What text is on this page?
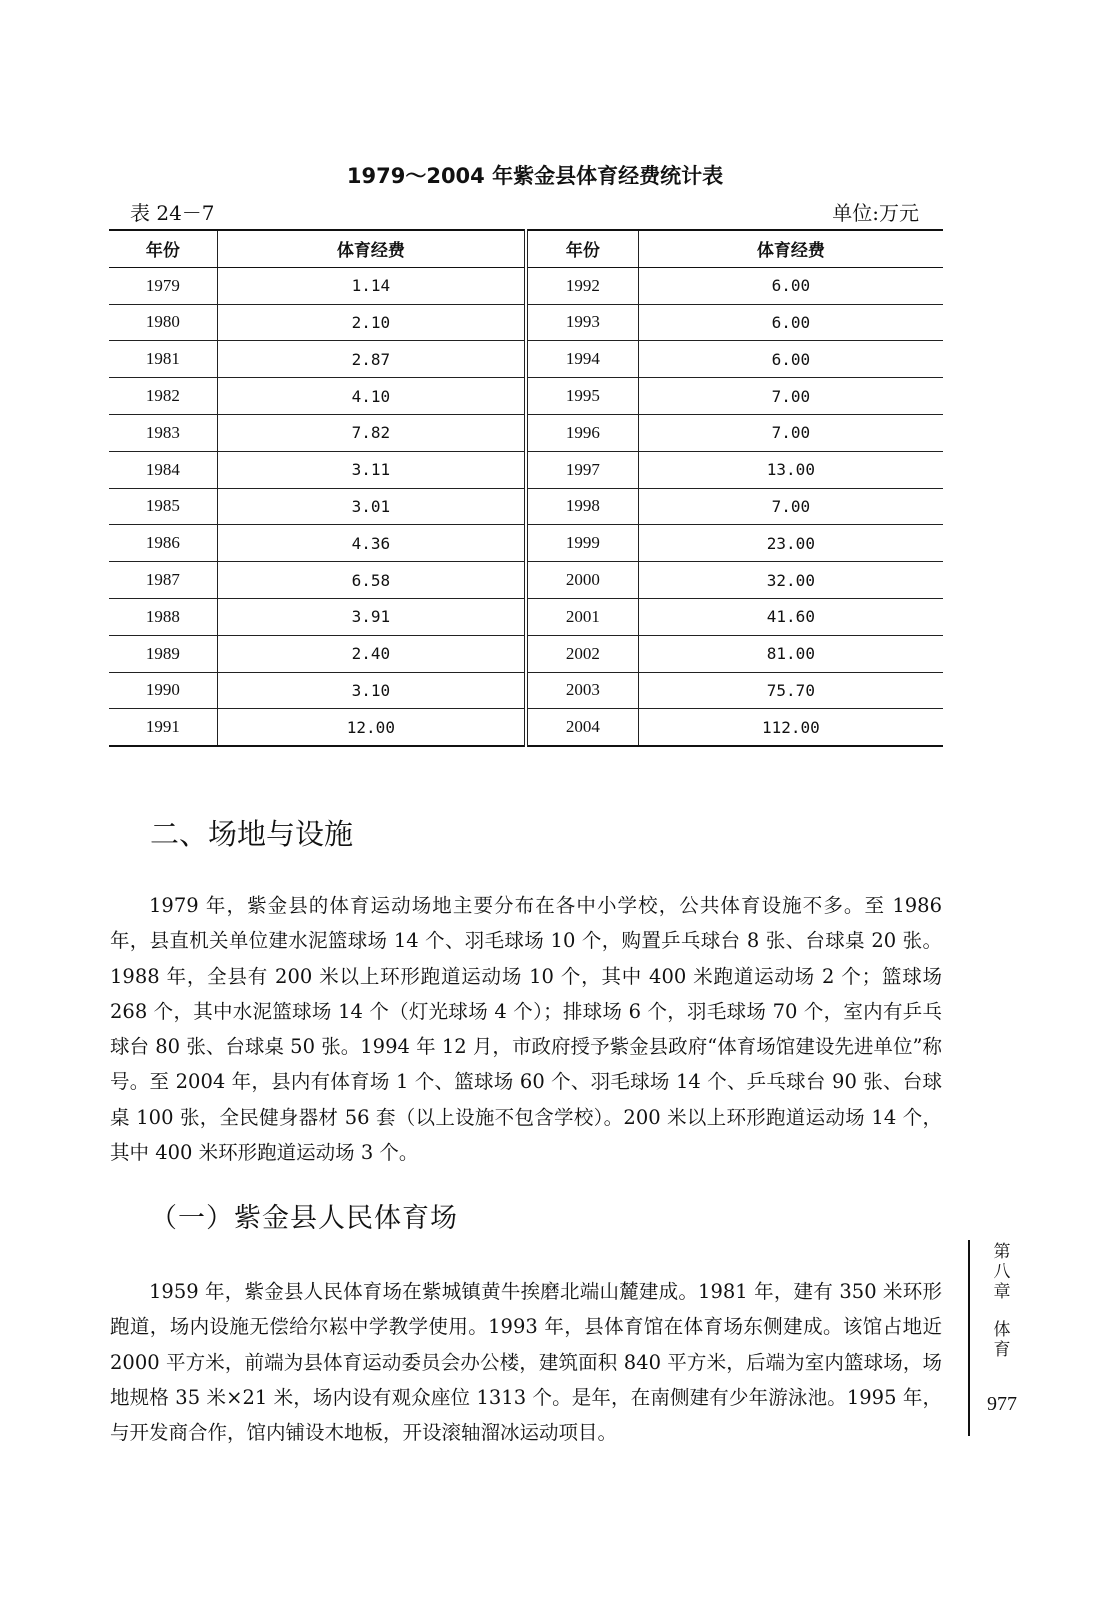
1979～2004 年紫金县体育经费统计表
表 24－7	单位:万元
年份	体育经费	年份	体育经费
1979	1.14	1992	6.00
1980	2.10	1993	6.00
1981	2.87	1994	6.00
1982	4.10	1995	7.00
1983	7.82	1996	7.00
1984	3.11	1997	13.00
1985	3.01	1998	7.00
1986	4.36	1999	23.00
1987	6.58	2000	32.00
1988	3.91	2001	41.60
1989	2.40	2002	81.00
1990	3.10	2003	75.70
1991	12.00	2004	112.00
二、场地与设施
1979 年，紫金县的体育运动场地主要分布在各中小学校，公共体育设施不多。至 1986 年，县直机关单位建水泥篮球场 14 个、羽毛球场 10 个，购置乒乓球台 8 张、台球桌 20 张。1988 年，全县有 200 米以上环形跑道运动场 10 个，其中 400 米跑道运动场 2 个；篮球场 268 个，其中水泥篮球场 14 个（灯光球场 4 个）；排球场 6 个，羽毛球场 70 个，室内有乒乓球台 80 张、台球桌 50 张。1994 年 12 月，市政府授予紫金县政府“体育场馆建设先进单位”称号。至 2004 年，县内有体育场 1 个、篮球场 60 个、羽毛球场 14 个、乒乓球台 90 张、台球桌 100 张，全民健身器材 56 套（以上设施不包含学校）。200 米以上环形跑道运动场 14 个，其中 400 米环形跑道运动场 3 个。
（一）紫金县人民体育场
1959 年，紫金县人民体育场在紫城镇黄牛挨磨北端山麓建成。1981 年，建有 350 米环形跑道，场内设施无偿给尔崧中学教学使用。1993 年，县体育馆在体育场东侧建成。该馆占地近 2000 平方米，前端为县体育运动委员会办公楼，建筑面积 840 平方米，后端为室内篮球场，场地规格 35 米×21 米，场内设有观众座位 1313 个。是年，在南侧建有少年游泳池。1995 年，与开发商合作，馆内铺设木地板，开设滚轴溜冰运动项目。
第
八
章
体
育
977
